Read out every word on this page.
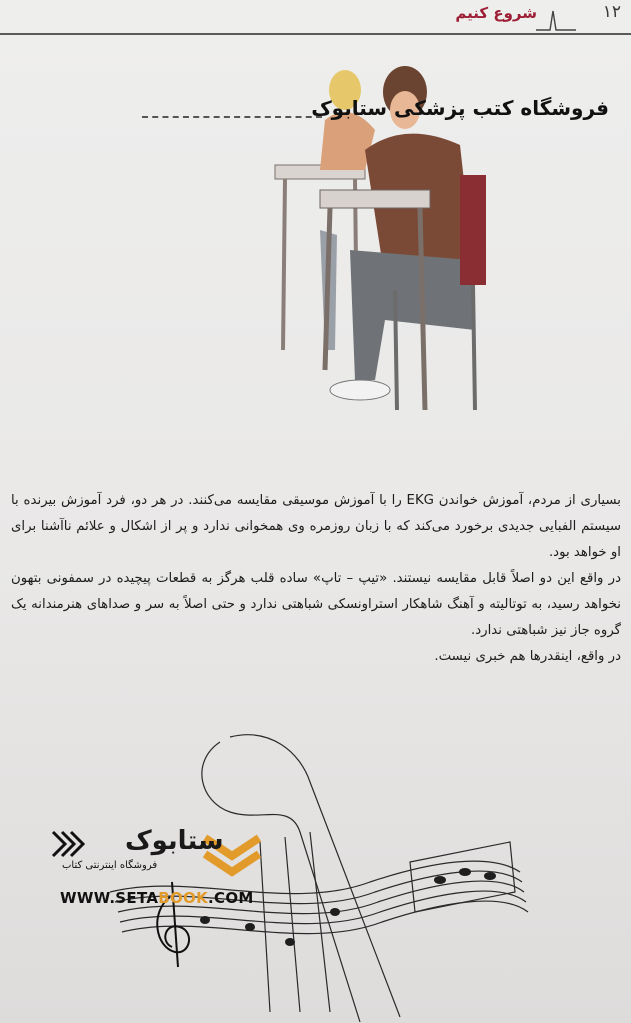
۱۲
شروع کنیم
فروشگاه کتب پزشکی ستابوک

بسیاری از مردم، آموزش خواندن EKG را با آموزش موسیقی مقایسه می‌کنند. در هر دو، فرد آموزش بیرنده با سیستم الفبایی جدیدی برخورد می‌کند که با زبان روزمره وی همخوانی ندارد و پر از اشکال و علائم ناآشنا برای او خواهد بود.

در واقع این دو اصلاً قابل مقایسه نیستند. «تیپ – تاپ» ساده قلب هرگز به قطعات پیچیده در سمفونی بتهون نخواهد رسید، به توتالیته و آهنگ شاهکار استراونسکی شباهتی ندارد و حتی اصلاً به سر و صداهای هنرمندانه یک گروه جاز نیز شباهتی ندارد.

در واقع، اینقدرها هم خبری نیست.

ستابوک
فروشگاه اینترنتی کتاب
WWW.SETABOOK.COM
